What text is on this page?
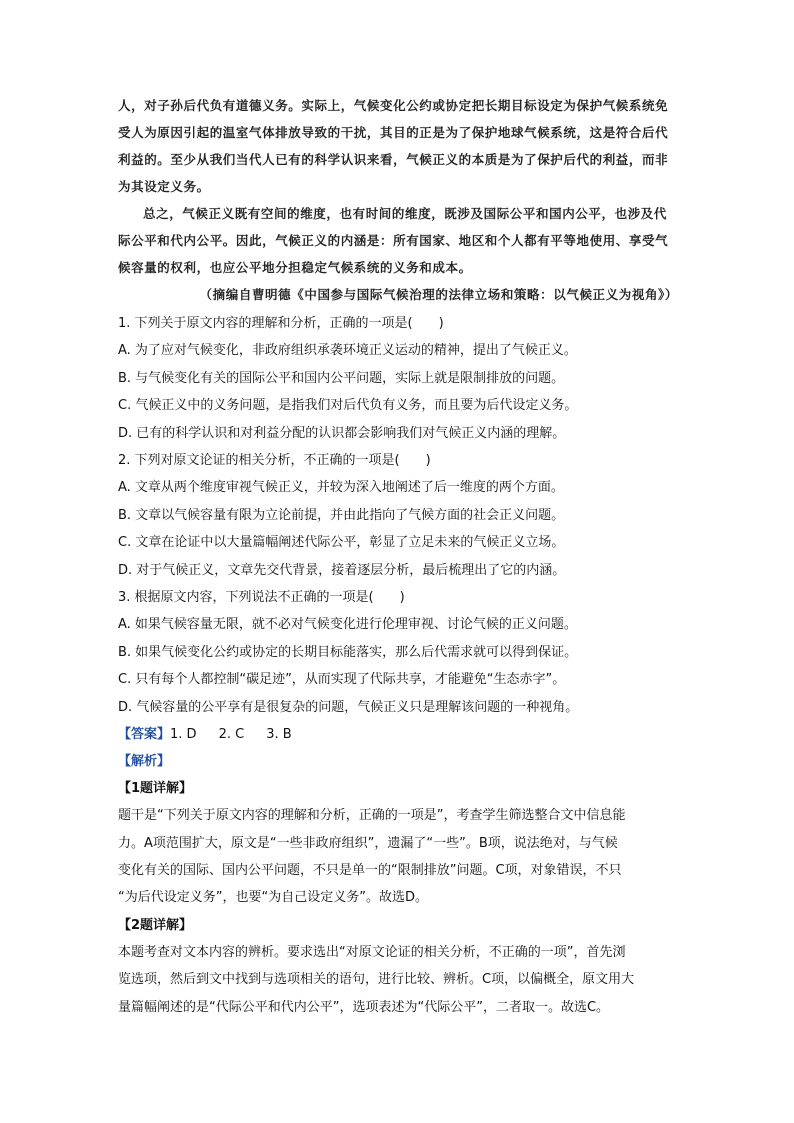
人，对子孙后代负有道德义务。实际上，气候变化公约或协定把长期目标设定为保护气候系统免受人为原因引起的温室气体排放导致的干扰，其目的正是为了保护地球气候系统，这是符合后代利益的。至少从我们当代人已有的科学认识来看，气候正义的本质是为了保护后代的利益，而非为其设定义务。

总之，气候正义既有空间的维度，也有时间的维度，既涉及国际公平和国内公平，也涉及代际公平和代内公平。因此，气候正义的内涵是：所有国家、地区和个人都有平等地使用、享受气候容量的权利，也应公平地分担稳定气候系统的义务和成本。

（摘编自曹明德《中国参与国际气候治理的法律立场和策略：以气候正义为视角》）

1. 下列关于原文内容的理解和分析，正确的一项是(　　)

A. 为了应对气候变化，非政府组织承袭环境正义运动的精神，提出了气候正义。

B. 与气候变化有关的国际公平和国内公平问题，实际上就是限制排放的问题。

C. 气候正义中的义务问题，是指我们对后代负有义务，而且要为后代设定义务。

D. 已有的科学认识和对利益分配的认识都会影响我们对气候正义内涵的理解。

2. 下列对原文论证的相关分析，不正确的一项是(　　)

A. 文章从两个维度审视气候正义，并较为深入地阐述了后一维度的两个方面。

B. 文章以气候容量有限为立论前提，并由此指向了气候方面的社会正义问题。

C. 文章在论证中以大量篇幅阐述代际公平，彰显了立足未来的气候正义立场。

D. 对于气候正义，文章先交代背景，接着逐层分析，最后梳理出了它的内涵。

3. 根据原文内容，下列说法不正确的一项是(　　)

A. 如果气候容量无限，就不必对气候变化进行伦理审视、讨论气候的正义问题。

B. 如果气候变化公约或协定的长期目标能落实，那么后代需求就可以得到保证。

C. 只有每个人都控制“碳足迹”，从而实现了代际共享，才能避免“生态赤字”。

D. 气候容量的公平享有是很复杂的问题，气候正义只是理解该问题的一种视角。

【答案】1. D 2. C 3. B

【解析】

【1题详解】

题干是“下列关于原文内容的理解和分析，正确的一项是”，考查学生筛选整合文中信息能

力。A项范围扩大，原文是“一些非政府组织”，遗漏了“一些”。B项，说法绝对，与气候

变化有关的国际、国内公平问题，不只是单一的“限制排放”问题。C项，对象错误，不只

“为后代设定义务”，也要“为自己设定义务”。故选D。

【2题详解】

本题考查对文本内容的辨析。要求选出“对原文论证的相关分析，不正确的一项”，首先浏

览选项，然后到文中找到与选项相关的语句，进行比较、辨析。C项，以偏概全，原文用大

量篇幅阐述的是“代际公平和代内公平”，选项表述为“代际公平”，二者取一。故选C。
